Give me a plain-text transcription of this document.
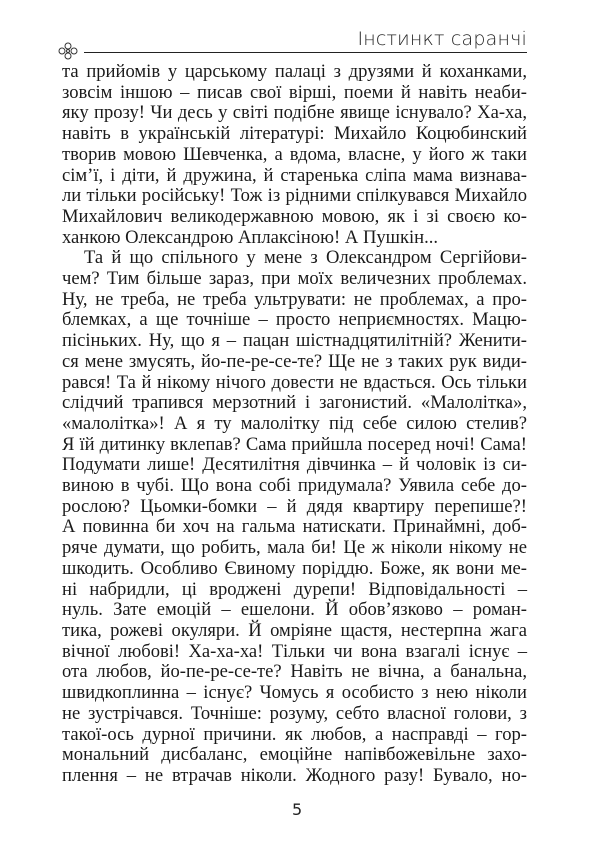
Інстинкт саранчі
та прийомів у царському палаці з друзями й коханками,
зовсім іншою – писав свої вірші, поеми й навіть неаби-
яку прозу! Чи десь у світі подібне явище існувало? Ха-ха,
навіть в українській літературі: Михайло Коцюбинский
творив мовою Шевченка, а вдома, власне, у його ж таки
сім’ї, і діти, й дружина, й старенька сліпа мама визнава-
ли тільки російську! Тож із рідними спілкувався Михайло
Михайлович великодержавною мовою, як і зі своєю ко-
ханкою Олександрою Аплаксіною! А Пушкін...
Та й що спільного у мене з Олександром Сергійови-
чем? Тим більше зараз, при моїх величезних проблемах.
Ну, не треба, не треба ультрувати: не проблемах, а про-
блемках, а ще точніше – просто неприємностях. Мацю-
пісіньких. Ну, що я – пацан шістнадцятилітній? Женити-
ся мене змусять, йо-пе-ре-се-те? Ще не з таких рук види-
рався! Та й нікому нічого довести не вдасться. Ось тільки
слідчий трапився мерзотний і загонистий. «Малолітка»,
«малолітка»! А я ту малолітку під себе силою стелив?
Я їй дитинку вклепав? Сама прийшла посеред ночі! Сама!
Подумати лише! Десятилітня дівчинка – й чоловік із си-
виною в чубі. Що вона собі придумала? Уявила себе до-
рослою? Цьомки-бомки – й дядя квартиру перепише?!
А повинна би хоч на гальма натискати. Принаймні, доб-
ряче думати, що робить, мала би! Це ж ніколи нікому не
шкодить. Особливо Євиному поріддю. Боже, як вони ме-
ні набридли, ці вроджені дурепи! Відповідальності –
нуль. Зате емоцій – ешелони. Й обов’язково – роман-
тика, рожеві окуляри. Й омріяне щастя, нестерпна жага
вічної любові! Ха-ха-ха! Тільки чи вона взагалі існує –
ота любов, йо-пе-ре-се-те? Навіть не вічна, а банальна,
швидкоплинна – існує? Чомусь я особисто з нею ніколи
не зустрічався. Точніше: розуму, себто власної голови, з
такої-ось дурної причини. як любов, а насправді – гор-
мональний дисбаланс, емоційне напівбожевільне захо-
плення – не втрачав ніколи. Жодного разу! Бувало, но-
5
